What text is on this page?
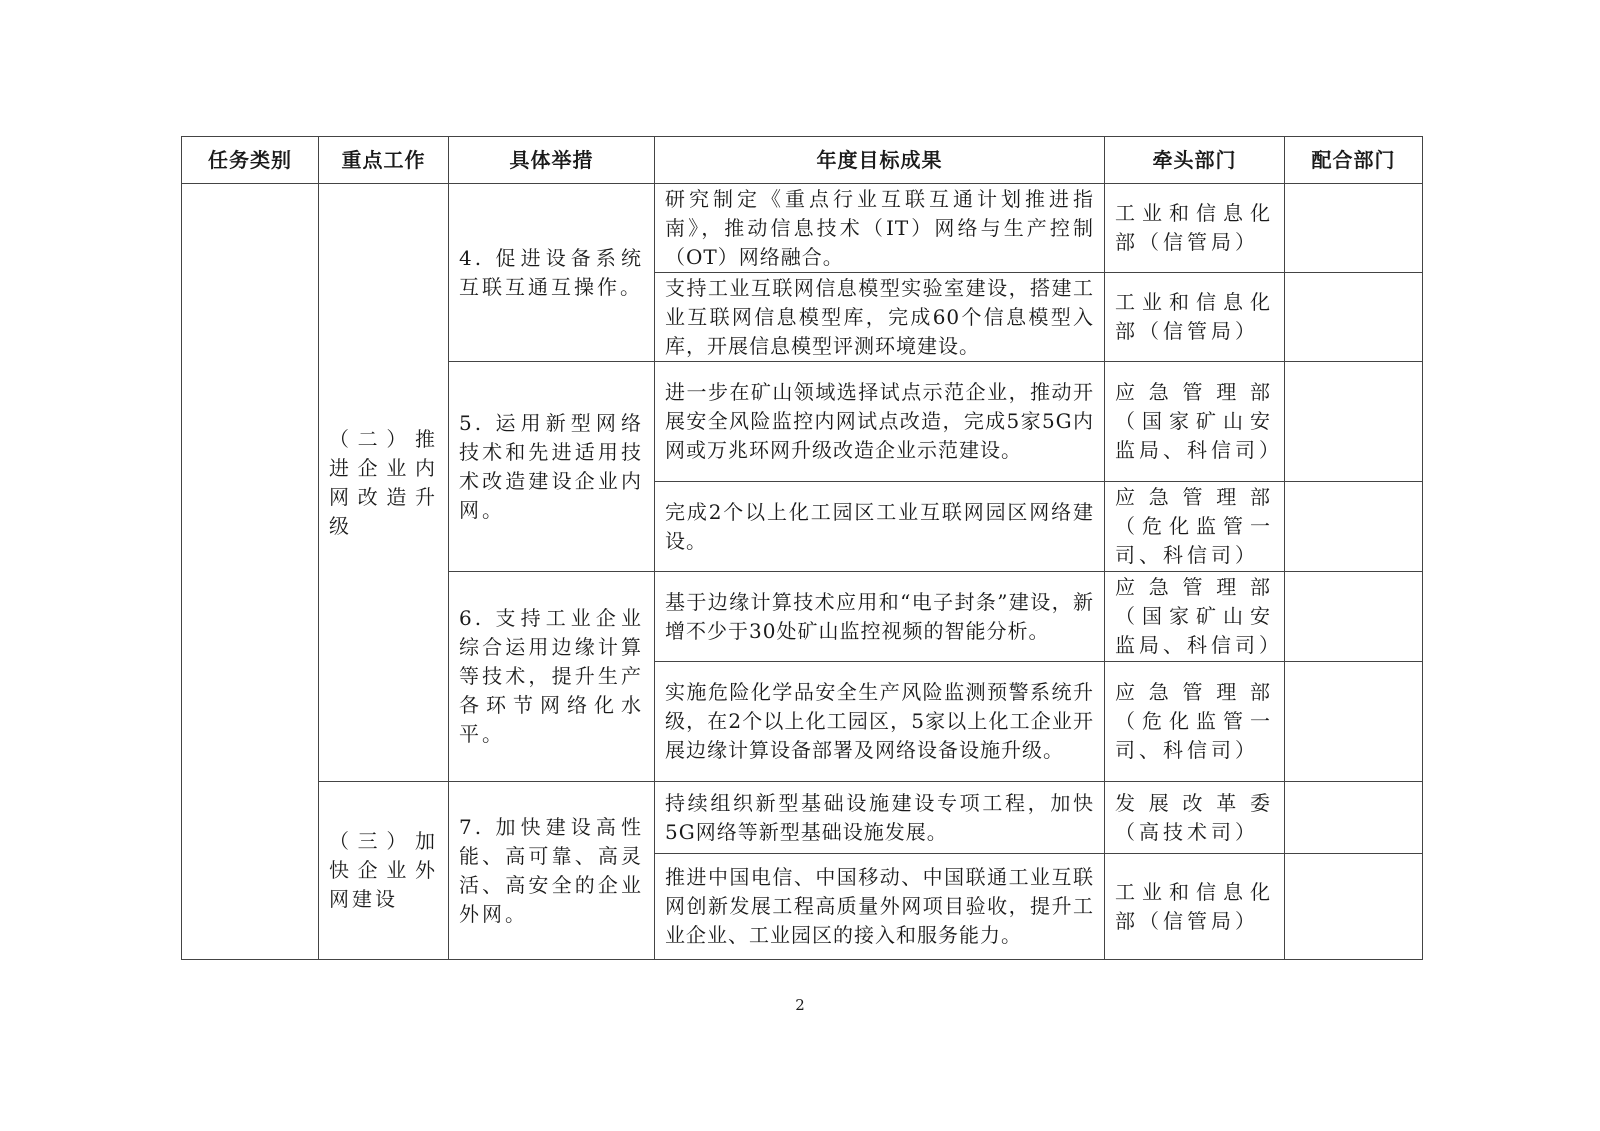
任务类别	重点工作	具体举措	年度目标成果	牵头部门	配合部门
	（二）推进企业内网改造升级	4. 促进设备系统互联互通互操作。	研究制定《重点行业互联互通计划推进指南》，推动信息技术（IT）网络与生产控制（OT）网络融合。	工业和信息化部（信管局）	
			支持工业互联网信息模型实验室建设，搭建工业互联网信息模型库，完成60个信息模型入库，开展信息模型评测环境建设。	工业和信息化部（信管局）	
		5. 运用新型网络技术和先进适用技术改造建设企业内网。	进一步在矿山领域选择试点示范企业，推动开展安全风险监控内网试点改造，完成5家5G内网或万兆环网升级改造企业示范建设。	应急管理部（国家矿山安监局、科信司）	
			完成2个以上化工园区工业互联网园区网络建设。	应急管理部（危化监管一司、科信司）	
		6. 支持工业企业综合运用边缘计算等技术，提升生产各环节网络化水平。	基于边缘计算技术应用和“电子封条”建设，新增不少于30处矿山监控视频的智能分析。	应急管理部（国家矿山安监局、科信司）	
			实施危险化学品安全生产风险监测预警系统升级，在2个以上化工园区，5家以上化工企业开展边缘计算设备部署及网络设备设施升级。	应急管理部（危化监管一司、科信司）	
	（三）加快企业外网建设	7. 加快建设高性能、高可靠、高灵活、高安全的企业外网。	持续组织新型基础设施建设专项工程，加快5G网络等新型基础设施发展。	发展改革委（高技术司）	
			推进中国电信、中国移动、中国联通工业互联网创新发展工程高质量外网项目验收，提升工业企业、工业园区的接入和服务能力。	工业和信息化部（信管局）	
2
